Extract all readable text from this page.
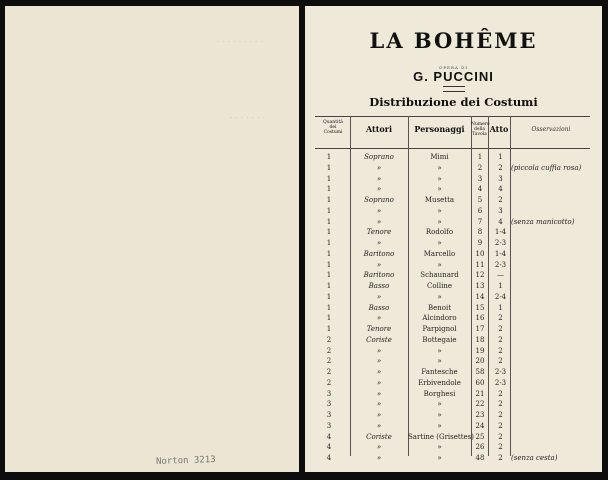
· · · · · · · · ·
· · · · · · ·
Norton 3213
LA BOHÊME
OPERA DI
G. PUCCINI
Distribuzione dei Costumi
Quantità
dei
Costumi	Attori	Personaggi	Numero
della
Tavola
Atto	Osservazioni
1	Soprano	Mimi	1	1
1	»	»	2	2	(piccola cuffia rosa)
1	»	»	3	3
1	»	»	4	4
1	Soprano	Musetta	5	2
1	»	»	6	3
1	»	»	7	4	(senza manicotto)
1	Tenore	Rodolfo	8	1-4
1	»	»	9	2-3
1	Baritono	Marcello	10	1-4
1	»	»	11	2-3
1	Baritono	Schaunard	12	—
1	Basso	Colline	13	1
1	»	»	14	2-4
1	Basso	Benoit	15	1
1	»	Alcindoro	16	2
1	Tenore	Parpignol	17	2
2	Coriste	Bottegaie	18	2
2	»	»	19	2
2	»	»	20	2
2	»	Fantesche	58	2-3
2	»	Erbivendole	60	2-3
3	»	Borghesi	21	2
3	»	»	22	2
3	»	»	23	2
3	»	»	24	2
4	Coriste	Sartine (Grisettes) 25	2
4	»	»	26	2
4	»	»	48	2	(senza cesta)
